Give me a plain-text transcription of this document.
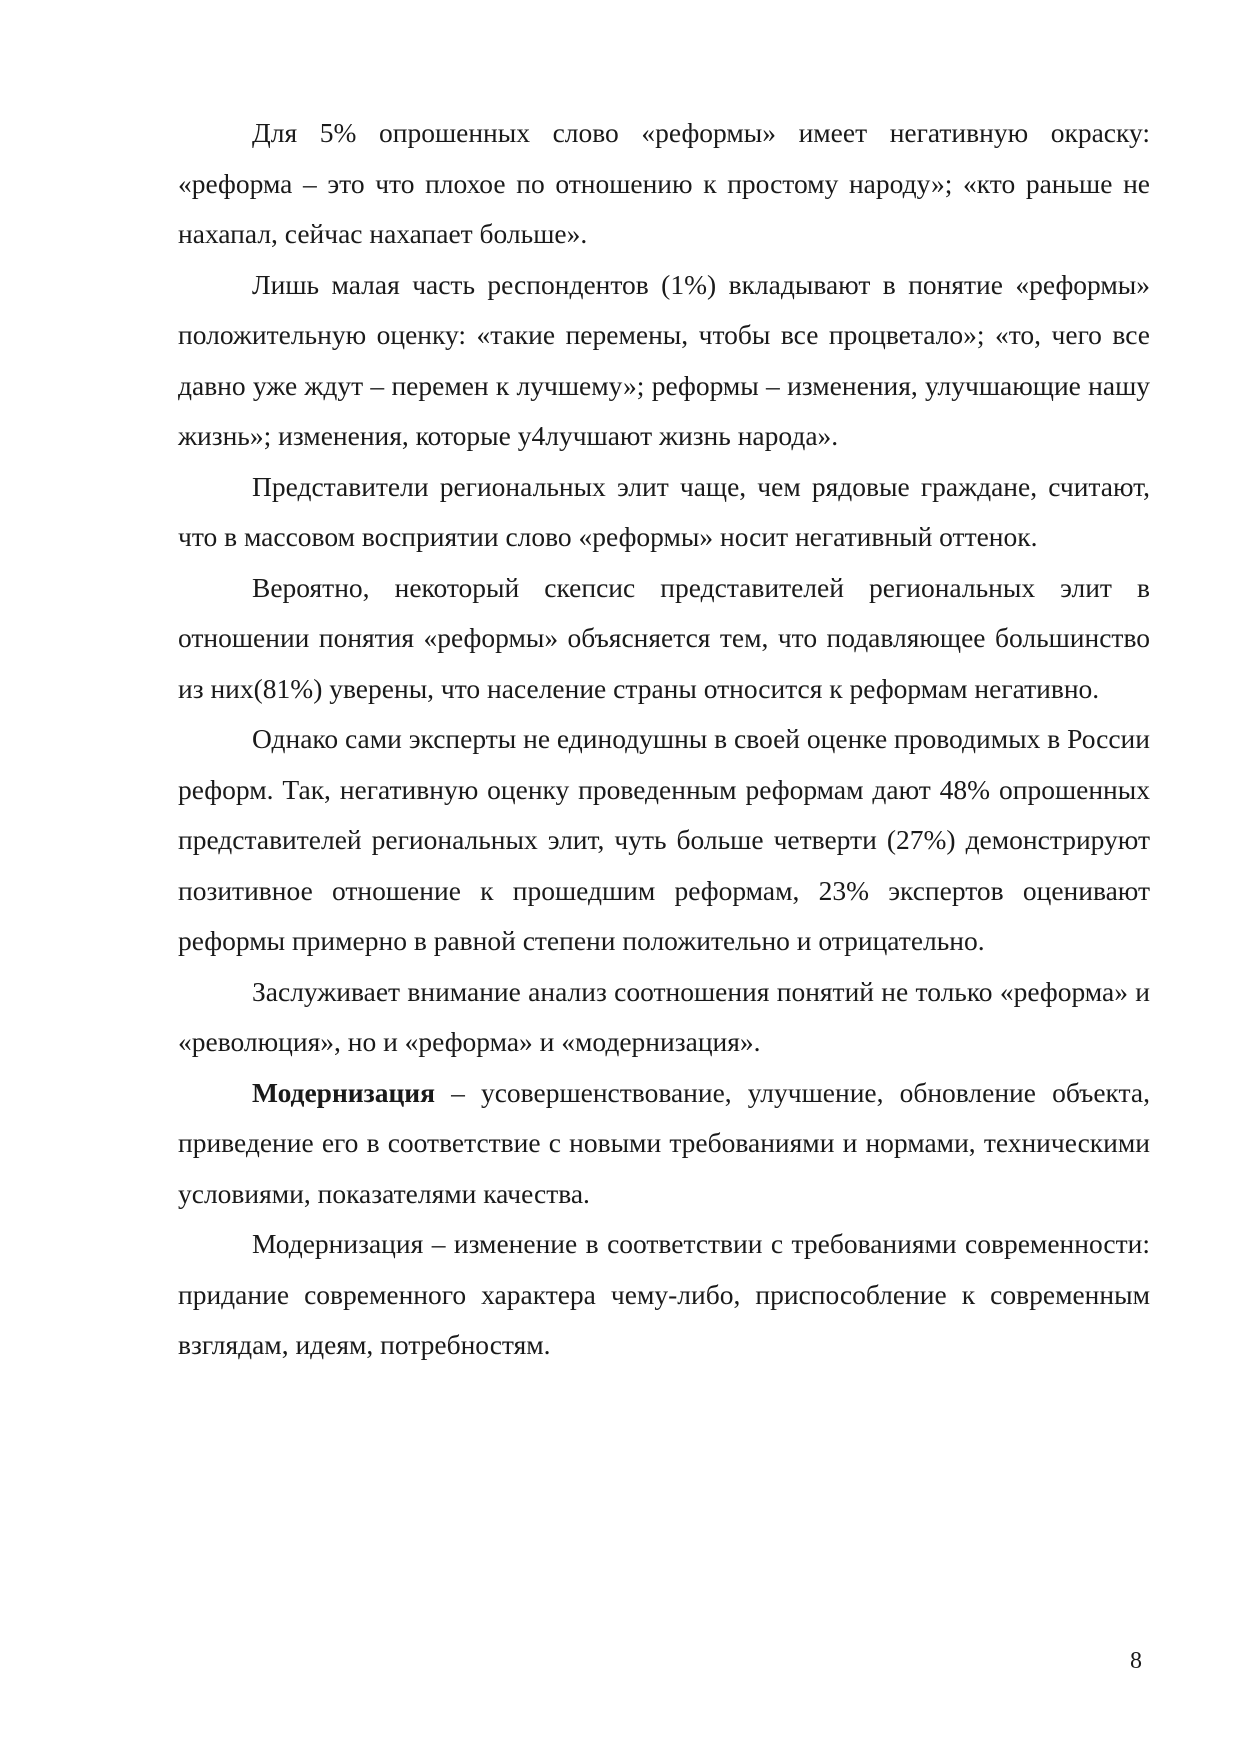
Для 5% опрошенных слово «реформы» имеет негативную окраску: «реформа – это что плохое по отношению к простому народу»; «кто раньше не нахапал, сейчас нахапает больше».

Лишь малая часть респондентов (1%) вкладывают в понятие «реформы» положительную оценку: «такие перемены, чтобы все процветало»; «то, чего все давно уже ждут – перемен к лучшему»; реформы – изменения, улучшающие нашу жизнь»; изменения, которые у4лучшают жизнь народа».

Представители региональных элит чаще, чем рядовые граждане, считают, что в массовом восприятии слово «реформы» носит негативный оттенок.

Вероятно, некоторый скепсис представителей региональных элит в отношении понятия «реформы» объясняется тем, что подавляющее большинство из них(81%) уверены, что население страны относится к реформам негативно.

Однако сами эксперты не единодушны в своей оценке проводимых в России реформ. Так, негативную оценку проведенным реформам дают 48% опрошенных представителей региональных элит, чуть больше четверти (27%) демонстрируют позитивное отношение к прошедшим реформам, 23% экспертов оценивают реформы примерно в равной степени положительно и отрицательно.

Заслуживает внимание анализ соотношения понятий не только «реформа» и «революция», но и «реформа» и «модернизация».

Модернизация – усовершенствование, улучшение, обновление объекта, приведение его в соответствие с новыми требованиями и нормами, техническими условиями, показателями качества.

Модернизация – изменение в соответствии с требованиями современности: придание современного характера чему-либо, приспособление к современным взглядам, идеям, потребностям.

8
